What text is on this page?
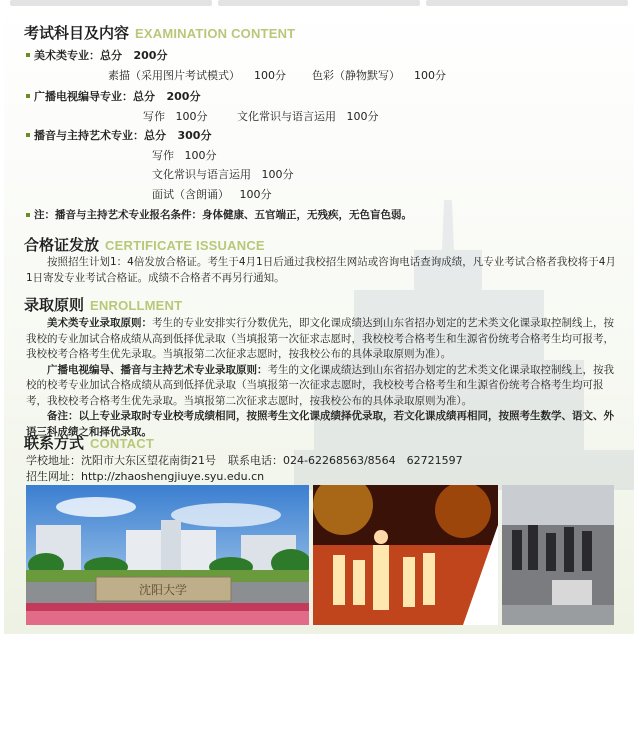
考试科目及内容 EXAMINATION CONTENT
美术类专业：总分 200分
素描（采用图片考试模式） 100分 色彩（静物默写） 100分
广播电视编导专业：总分 200分
写作 100分	文化常识与语言运用 100分
播音与主持艺术专业：总分 300分
写作 100分
文化常识与语言运用 100分
面试（含朗诵） 100分
注：播音与主持艺术专业报名条件：身体健康、五官端正，无残疾，无色盲色弱。
合格证发放 CERTIFICATE ISSUANCE

按照招生计划1：4倍发放合格证。考生于4月1日后通过我校招生网站或咨询电话查询成绩，凡专业考试合格者我校将于4月1日寄发专业考试合格证。成绩不合格者不再另行通知。

录取原则 ENROLLMENT

美术类专业录取原则：考生的专业安排实行分数优先，即文化课成绩达到山东省招办划定的艺术类文化课录取控制线上，按我校的专业加试合格成绩从高到低择优录取（当填报第一次征求志愿时，我校校考合格考生和生源省份统考合格考生均可报考，我校校考合格考生优先录取。当填报第二次征求志愿时，按我校公布的具体录取原则为准）。

广播电视编导、播音与主持艺术专业录取原则：考生的文化课成绩达到山东省招办划定的艺术类文化课录取控制线上，按我校的校考专业加试合格成绩从高到低择优录取（当填报第一次征求志愿时，我校校考合格考生和生源省份统考合格考生均可报考，我校校考合格考生优先录取。当填报第二次征求志愿时，按我校公布的具体录取原则为准）。

备注：以上专业录取时专业校考成绩相同，按照考生文化课成绩择优录取，若文化课成绩再相同，按照考生数学、语文、外语三科成绩之和择优录取。

联系方式 CONTACT
学校地址：沈阳市大东区望花南街21号 联系电话：024-62268563/8564　62721597
招生网址：http://zhaoshengjiuye.syu.edu.cn
沈阳大学
